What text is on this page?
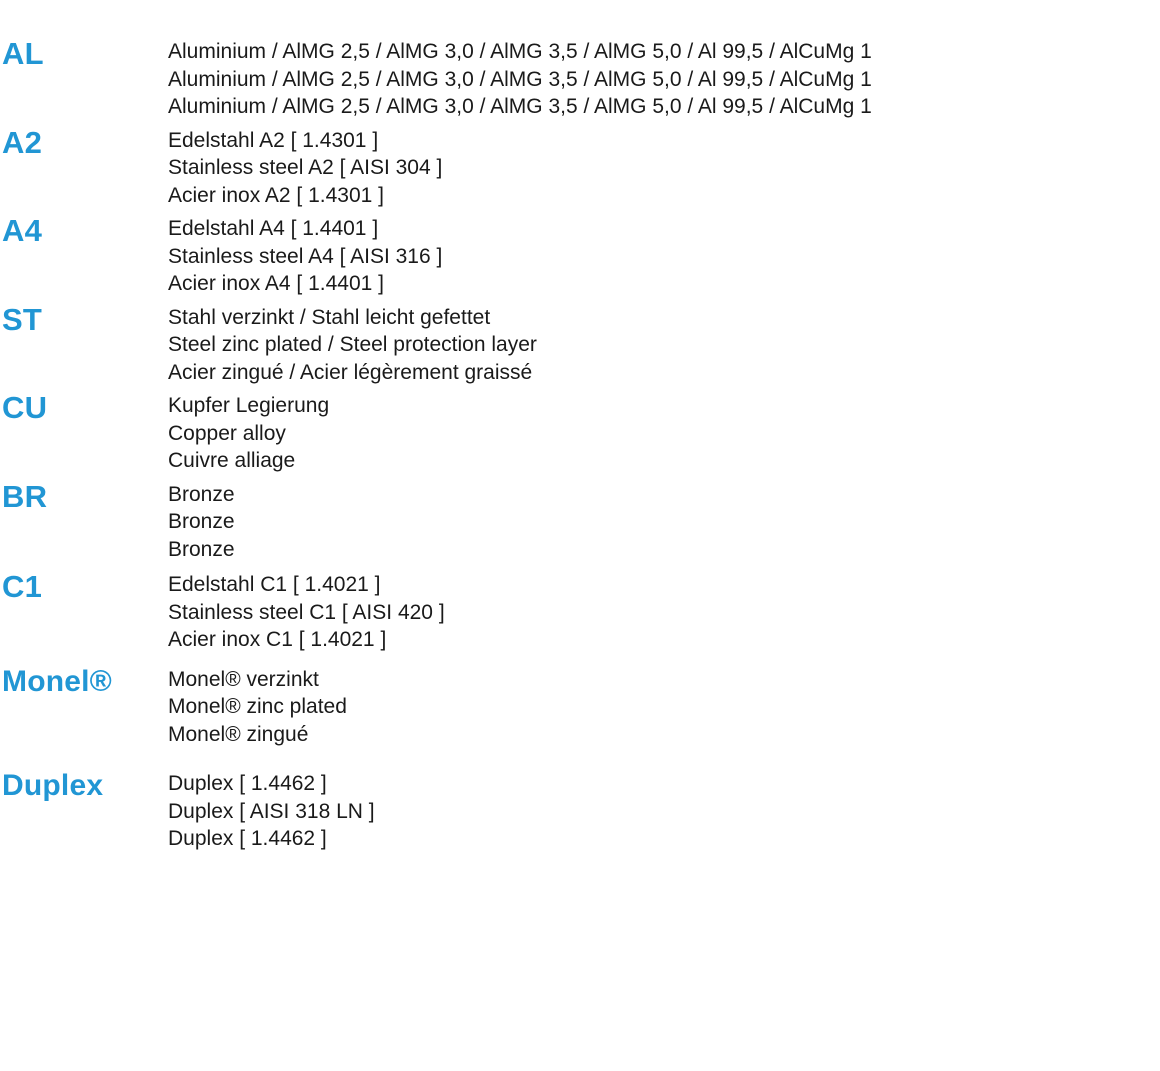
AL	Aluminium / AlMG 2,5 / AlMG 3,0 / AlMG 3,5 / AlMG 5,0 / Al 99,5 / AlCuMg 1
Aluminium / AlMG 2,5 / AlMG 3,0 / AlMG 3,5 / AlMG 5,0 / Al 99,5 / AlCuMg 1
Aluminium / AlMG 2,5 / AlMG 3,0 / AlMG 3,5 / AlMG 5,0 / Al 99,5 / AlCuMg 1
A2	Edelstahl A2 [ 1.4301 ]
Stainless steel A2 [ AISI 304 ]
Acier inox A2 [ 1.4301 ]
A4	Edelstahl A4 [ 1.4401 ]
Stainless steel A4 [ AISI 316 ]
Acier inox A4 [ 1.4401 ]
ST	Stahl verzinkt / Stahl leicht gefettet
Steel zinc plated / Steel protection layer
Acier zingué / Acier légèrement graissé
CU	Kupfer Legierung
Copper alloy
Cuivre alliage
BR	Bronze
Bronze
Bronze
C1	Edelstahl C1 [ 1.4021 ]
Stainless steel C1 [ AISI 420 ]
Acier inox C1 [ 1.4021 ]
Monel®	Monel® verzinkt
Monel® zinc plated
Monel® zingué
Duplex	Duplex [ 1.4462 ]
Duplex [ AISI 318 LN ]
Duplex [ 1.4462 ]
